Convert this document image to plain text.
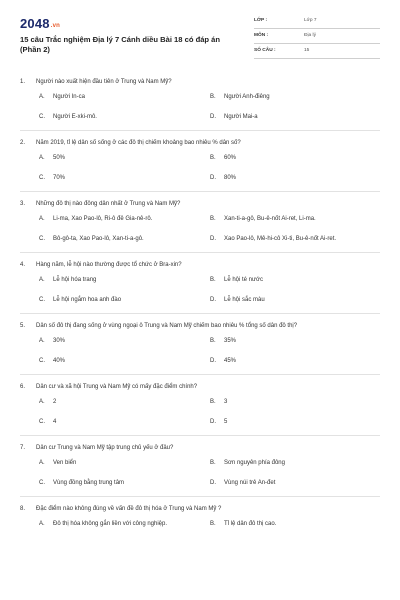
2048.vn
15 câu Trắc nghiệm Địa lý 7 Cánh diều Bài 18 có đáp án (Phần 2)
LỚP :	Lớp 7
MÔN :	Địa lý
SỐ CÂU :	15
1.	Người nào xuất hiện đầu tiên ở Trung và Nam Mỹ?
A.	Người In-ca	B.	Người Anh-điêng
C.	Người E-xki-mô.	D.	Người Mai-a
2.	Năm 2019, tỉ lệ dân số sống ở các đô thị chiếm khoảng bao nhiêu % dân số?
A.	50%	B.	60%
C.	70%	D.	80%
3.	Những đô thị nào đông dân nhất ở Trung và Nam Mỹ?
A.	Li-ma, Xao Pao-lô, Ri-ô đê Gia-nê-rô.	B.	Xan-ti-a-gô, Bu-ê-nốt Ai-ret, Li-ma.
C.	Bô-gô-ta, Xao Pao-lô, Xan-ti-a-gô.	D.	Xao Pao-lô, Mê-hi-cô Xi-ti, Bu-ê-nốt Ai-ret.
4.	Hàng năm, lễ hội nào thường được tổ chức ở Bra-xin?
A.	Lễ hội hóa trang	B.	Lễ hội té nước
C.	Lễ hội ngắm hoa anh đào	D.	Lễ hội sắc màu
5.	Dân số đô thị đang sống ở vùng ngoại ô Trung và Nam Mỹ chiếm bao nhiêu % tổng số dân đô thị?
A.	30%	B.	35%
C.	40%	D.	45%
6.	Dân cư và xã hội Trung và Nam Mỹ có mấy đặc điểm chính?
A.	2	B.	3
C.	4	D.	5
7.	Dân cư Trung và Nam Mỹ tập trung chủ yếu ở đâu?
A.	Ven biển	B.	Sơn nguyên phía đông
C.	Vùng đồng bằng trung tâm	D.	Vùng núi trẻ An-đet
8.	Đặc điểm nào không đúng về vấn đề đô thị hóa ở Trung và Nam Mỹ ?
A.	Đô thị hóa không gắn liền với công nghiệp.	B.	Tỉ lệ dân đô thị cao.
